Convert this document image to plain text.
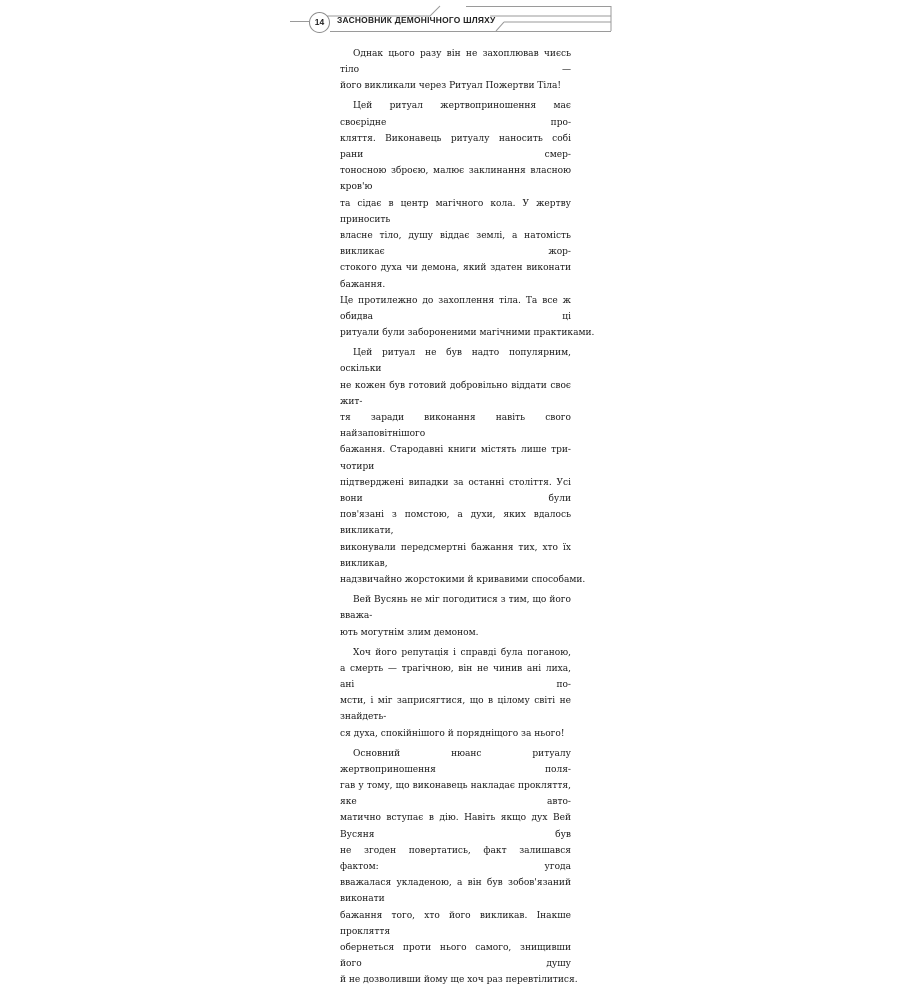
14	ЗАСНОВНИК ДЕМОНІЧНОГО ШЛЯХУ

Однак цього разу він не захоплював чиєсь тіло —
його викликали через Ритуал Пожертви Тіла!

Цей ритуал жертвоприношення має своєрідне про-
кляття. Виконавець ритуалу наносить собі рани смер-
тоносною зброєю, малює заклинання власною кров'ю
та сідає в центр магічного кола. У жертву приносить
власне тіло, душу віддає землі, а натомість викликає жор-
стокого духа чи демона, який здатен виконати бажання.
Це протилежно до захоплення тіла. Та все ж обидва ці
ритуали були забороненими магічними практиками.

Цей ритуал не був надто популярним, оскільки
не кожен був готовий добровільно віддати своє жит-
тя заради виконання навіть свого найзаповітнішого
бажання. Стародавні книги містять лише три-чотири
підтверджені випадки за останні століття. Усі вони були
пов'язані з помстою, а духи, яких вдалось викликати,
виконували передсмертні бажання тих, хто їх викликав,
надзвичайно жорстокими й кривавими способами.

Вей Вусянь не міг погодитися з тим, що його вважа-
ють могутнім злим демоном.

Хоч його репутація і справді була поганою,
а смерть — трагічною, він не чинив ані лиха, ані по-
мсти, і міг заприсягтися, що в цілому світі не знайдеть-
ся духа, спокійнішого й порядніщого за нього!

Основний нюанс ритуалу жертвоприношення поля-
гав у тому, що виконавець накладає прокляття, яке авто-
матично вступає в дію. Навіть якщо дух Вей Вусяня був
не згоден повертатись, факт залишався фактом: угода
вважалася укладеною, а він був зобов'язаний виконати
бажання того, хто його викликав. Інакше прокляття
обернеться проти нього самого, знищивши його душу
й не дозволивши йому ще хоч раз перевтілитися.
